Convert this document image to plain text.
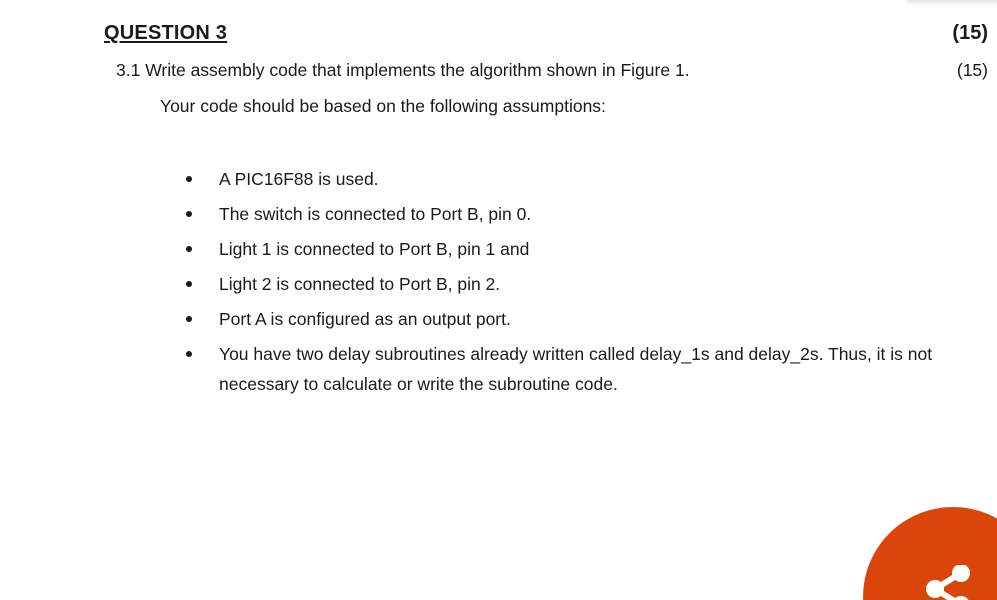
QUESTION 3	(15)
3.1 Write assembly code that implements the algorithm shown in Figure 1.	(15)
Your code should be based on the following assumptions:
A PIC16F88 is used.
The switch is connected to Port B, pin 0.
Light 1 is connected to Port B, pin 1 and
Light 2 is connected to Port B, pin 2.
Port A is configured as an output port.
You have two delay subroutines already written called delay_1s and delay_2s. Thus, it is not necessary to calculate or write the subroutine code.
